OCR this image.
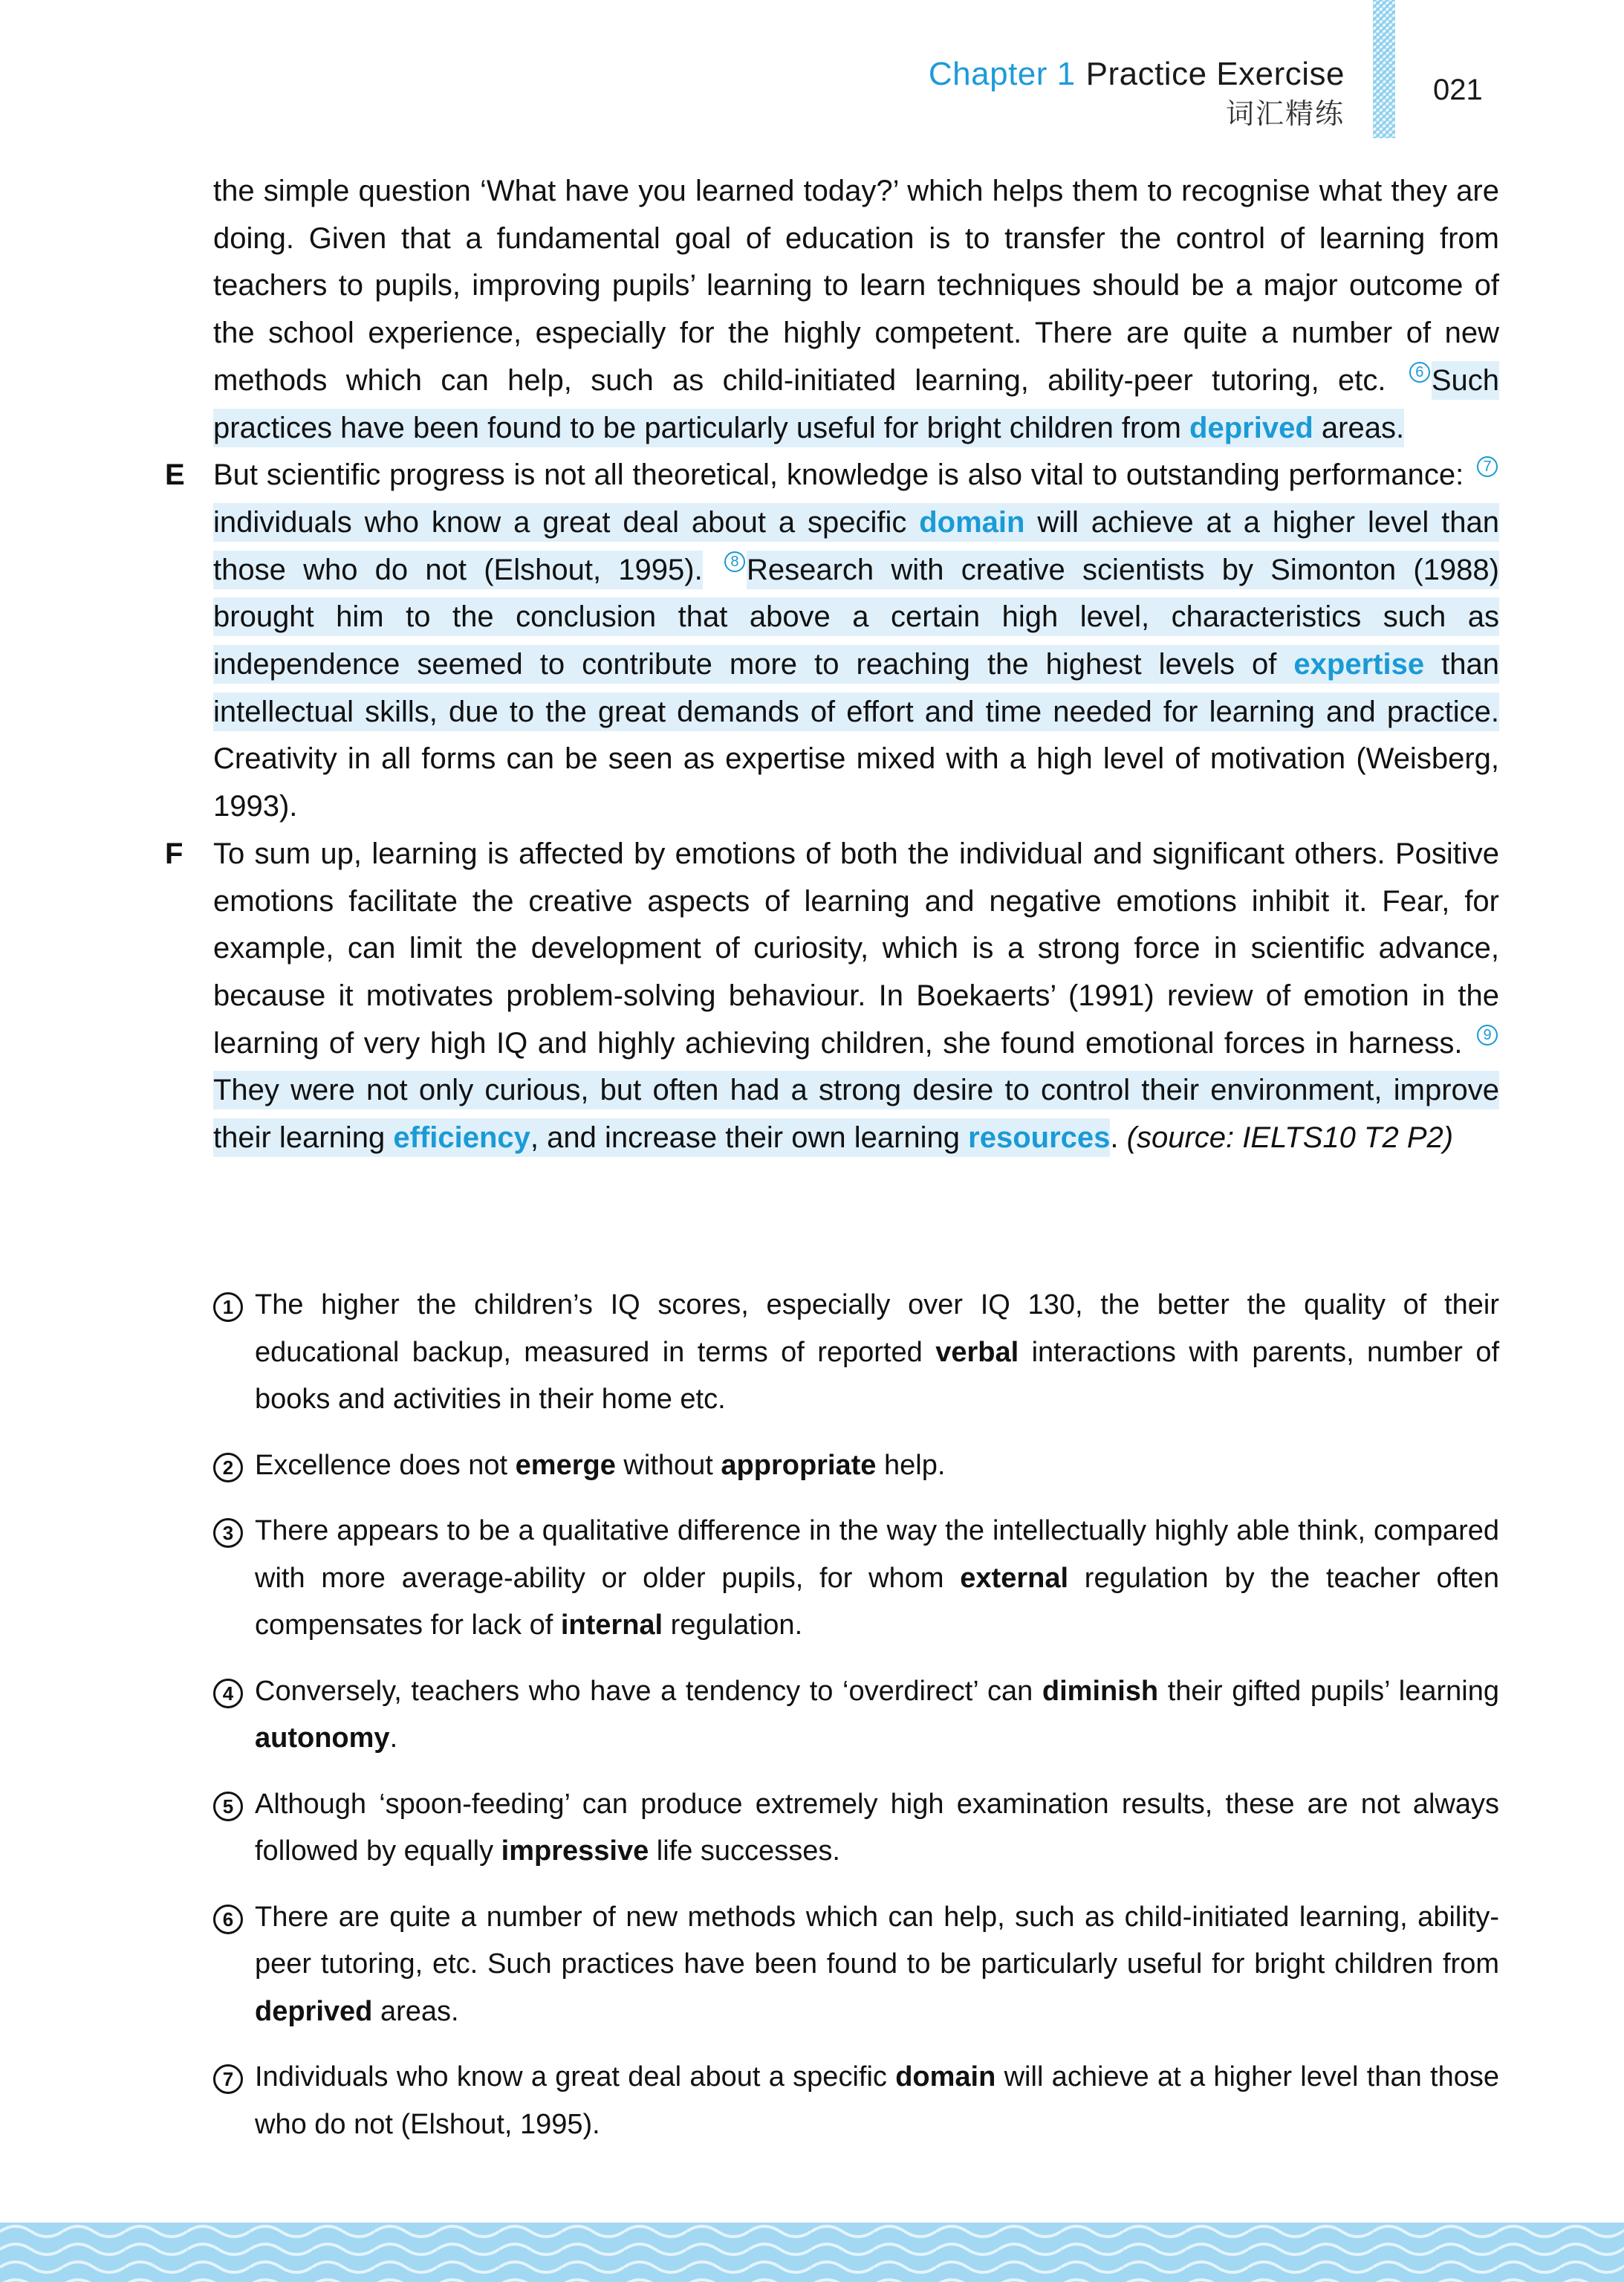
Chapter 1 Practice Exercise
词汇精练
021

the simple question ‘What have you learned today?’ which helps them to recognise what they are doing. Given that a fundamental goal of education is to transfer the control of learning from teachers to pupils, improving pupils’ learning to learn techniques should be a major outcome of the school experience, especially for the highly competent. There are quite a number of new methods which can help, such as child-initiated learning, ability-peer tutoring, etc. 6 Such practices have been found to be particularly useful for bright children from deprived areas.

E But scientific progress is not all theoretical, knowledge is also vital to outstanding performance: 7individuals who know a great deal about a specific domain will achieve at a higher level than those who do not (Elshout, 1995). 8 Research with creative scientists by Simonton (1988) brought him to the conclusion that above a certain high level, characteristics such as independence seemed to contribute more to reaching the highest levels of expertise than intellectual skills, due to the great demands of effort and time needed for learning and practice. Creativity in all forms can be seen as expertise mixed with a high level of motivation (Weisberg, 1993).

F To sum up, learning is affected by emotions of both the individual and significant others. Positive emotions facilitate the creative aspects of learning and negative emotions inhibit it. Fear, for example, can limit the development of curiosity, which is a strong force in scientific advance, because it motivates problem-solving behaviour. In Boekaerts’ (1991) review of emotion in the learning of very high IQ and highly achieving children, she found emotional forces in harness. 9They were not only curious, but often had a strong desire to control their environment, improve their learning efficiency, and increase their own learning resources. (source: IELTS10 T2 P2)

1 The higher the children’s IQ scores, especially over IQ 130, the better the quality of their educational backup, measured in terms of reported verbal interactions with parents, number of books and activities in their home etc.
2 Excellence does not emerge without appropriate help.
3 There appears to be a qualitative difference in the way the intellectually highly able think, compared with more average-ability or older pupils, for whom external regulation by the teacher often compensates for lack of internal regulation.
4 Conversely, teachers who have a tendency to ‘overdirect’ can diminish their gifted pupils’ learning autonomy.
5 Although ‘spoon-feeding’ can produce extremely high examination results, these are not always followed by equally impressive life successes.
6 There are quite a number of new methods which can help, such as child-initiated learning, ability-peer tutoring, etc. Such practices have been found to be particularly useful for bright children from deprived areas.
7 Individuals who know a great deal about a specific domain will achieve at a higher level than those who do not (Elshout, 1995).
